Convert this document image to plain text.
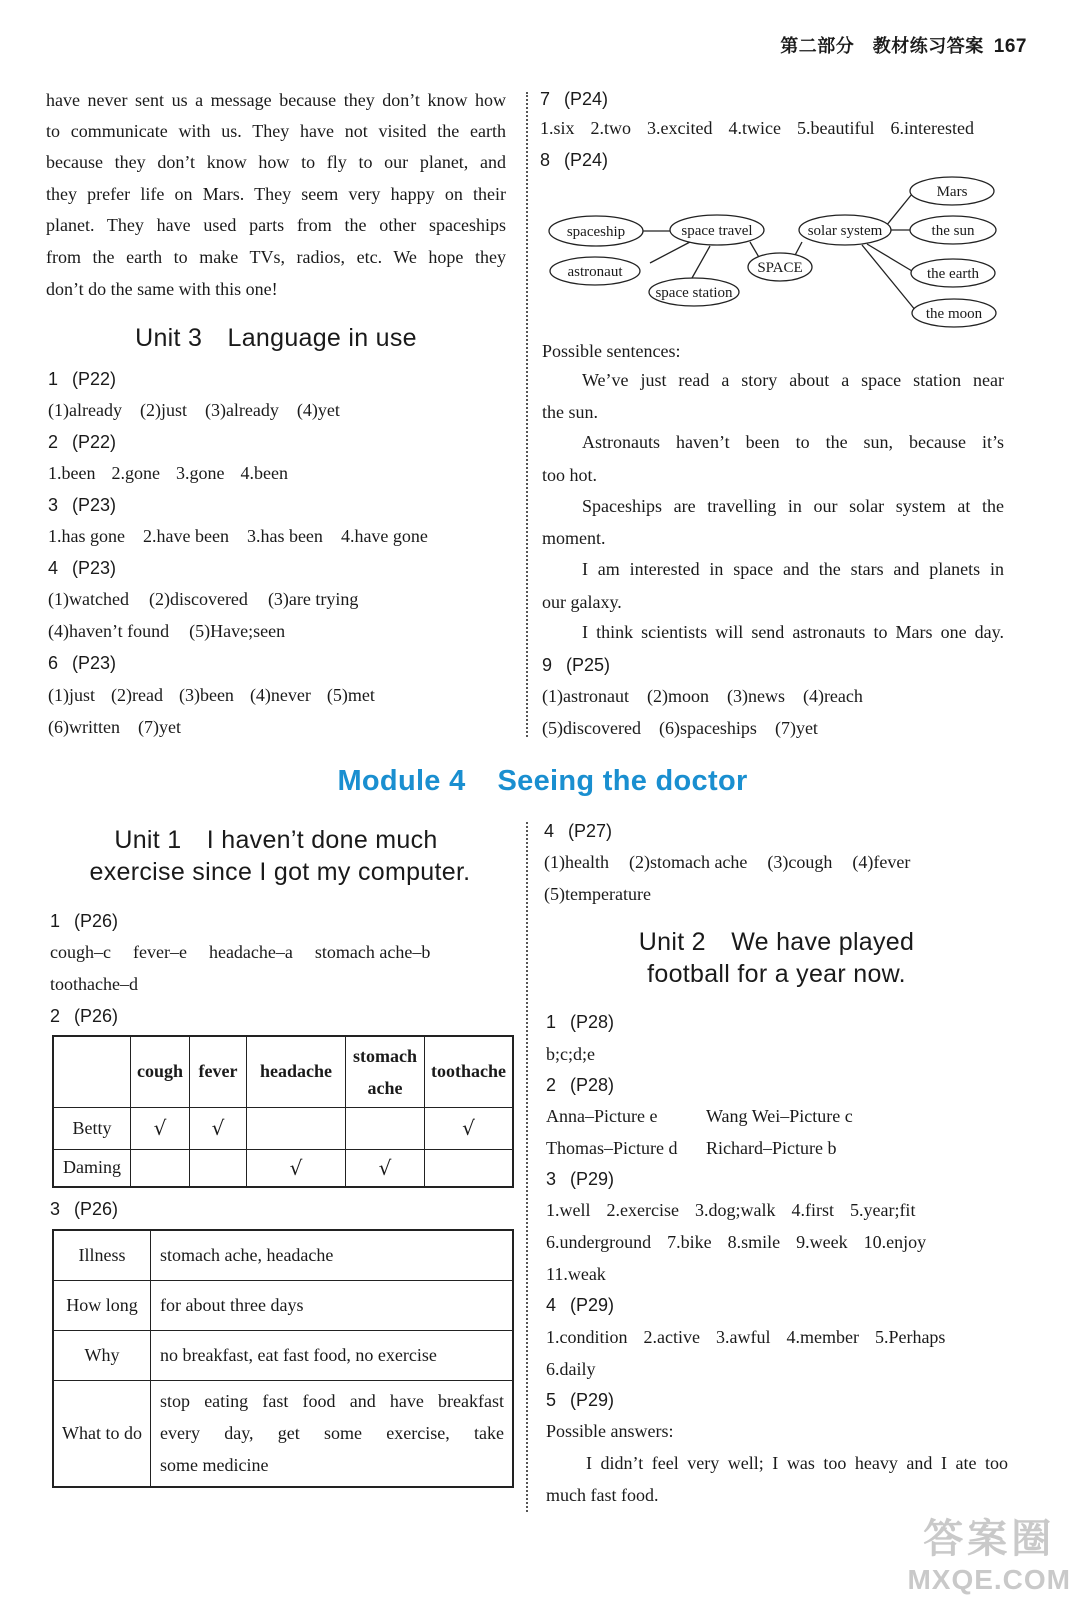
第二部分　教材练习答案 167
have never sent us a message because they don’t know how
to communicate with us. They have not visited the earth
because they don’t know how to fly to our planet, and
they prefer life on Mars. They seem very happy on their
planet. They have used parts from the other spaceships
from the earth to make TVs, radios, etc. We hope they
don’t do the same with this one!
Unit 3　Language in use
1 (P22)
(1)already (2)just (3)already (4)yet
2 (P22)
1.been 2.gone 3.gone 4.been
3 (P23)
1.has gone 2.have been 3.has been 4.have gone
4 (P23)
(1)watched (2)discovered (3)are trying
(4)haven’t found (5)Have;seen
6 (P23)
(1)just (2)read (3)been (4)never (5)met
(6)written (7)yet
7 (P24)
1.six 2.two 3.excited 4.twice 5.beautiful 6.interested
8 (P24)
spaceship	space travel
astronaut
space station
SPACE
solar system
Mars
the sun
the earth
the moon
Possible sentences:
We’ve just read a story about a space station near
the sun.
Astronauts haven’t been to the sun, because it’s
too hot.
Spaceships are travelling in our solar system at the
moment.
I am interested in space and the stars and planets in
our galaxy.
I think scientists will send astronauts to Mars one day.
9 (P25)
(1)astronaut (2)moon (3)news (4)reach
(5)discovered (6)spaceships (7)yet
Module 4 Seeing the doctor
Unit 1　I haven’t done much
exercise since I got my computer.
1 (P26)
cough–c fever–e headache–a stomach ache–b
toothache–d
2 (P26)
	cough	fever	headache	stomach ache	toothache
Betty	√	√			√
Daming			√	√	
3 (P26)
Illness	stomach ache, headache
How long	for about three days
Why	no breakfast, eat fast food, no exercise
What to do	stop eating fast food and have breakfast
every day, get some exercise, take
some medicine
4 (P27)
(1)health (2)stomach ache (3)cough (4)fever
(5)temperature
Unit 2　We have played
football for a year now.
1 (P28)
b;c;d;e
2 (P28)
Anna–Picture e	Wang Wei–Picture c
Thomas–Picture d Richard–Picture b
3 (P29)
1.well 2.exercise 3.dog;walk 4.first 5.year;fit
6.underground 7.bike 8.smile 9.week 10.enjoy
11.weak
4 (P29)
1.condition 2.active 3.awful 4.member 5.Perhaps
6.daily
5 (P29)
Possible answers:
I didn’t feel very well; I was too heavy and I ate too
much fast food.
答案圈
MXQE.COM
